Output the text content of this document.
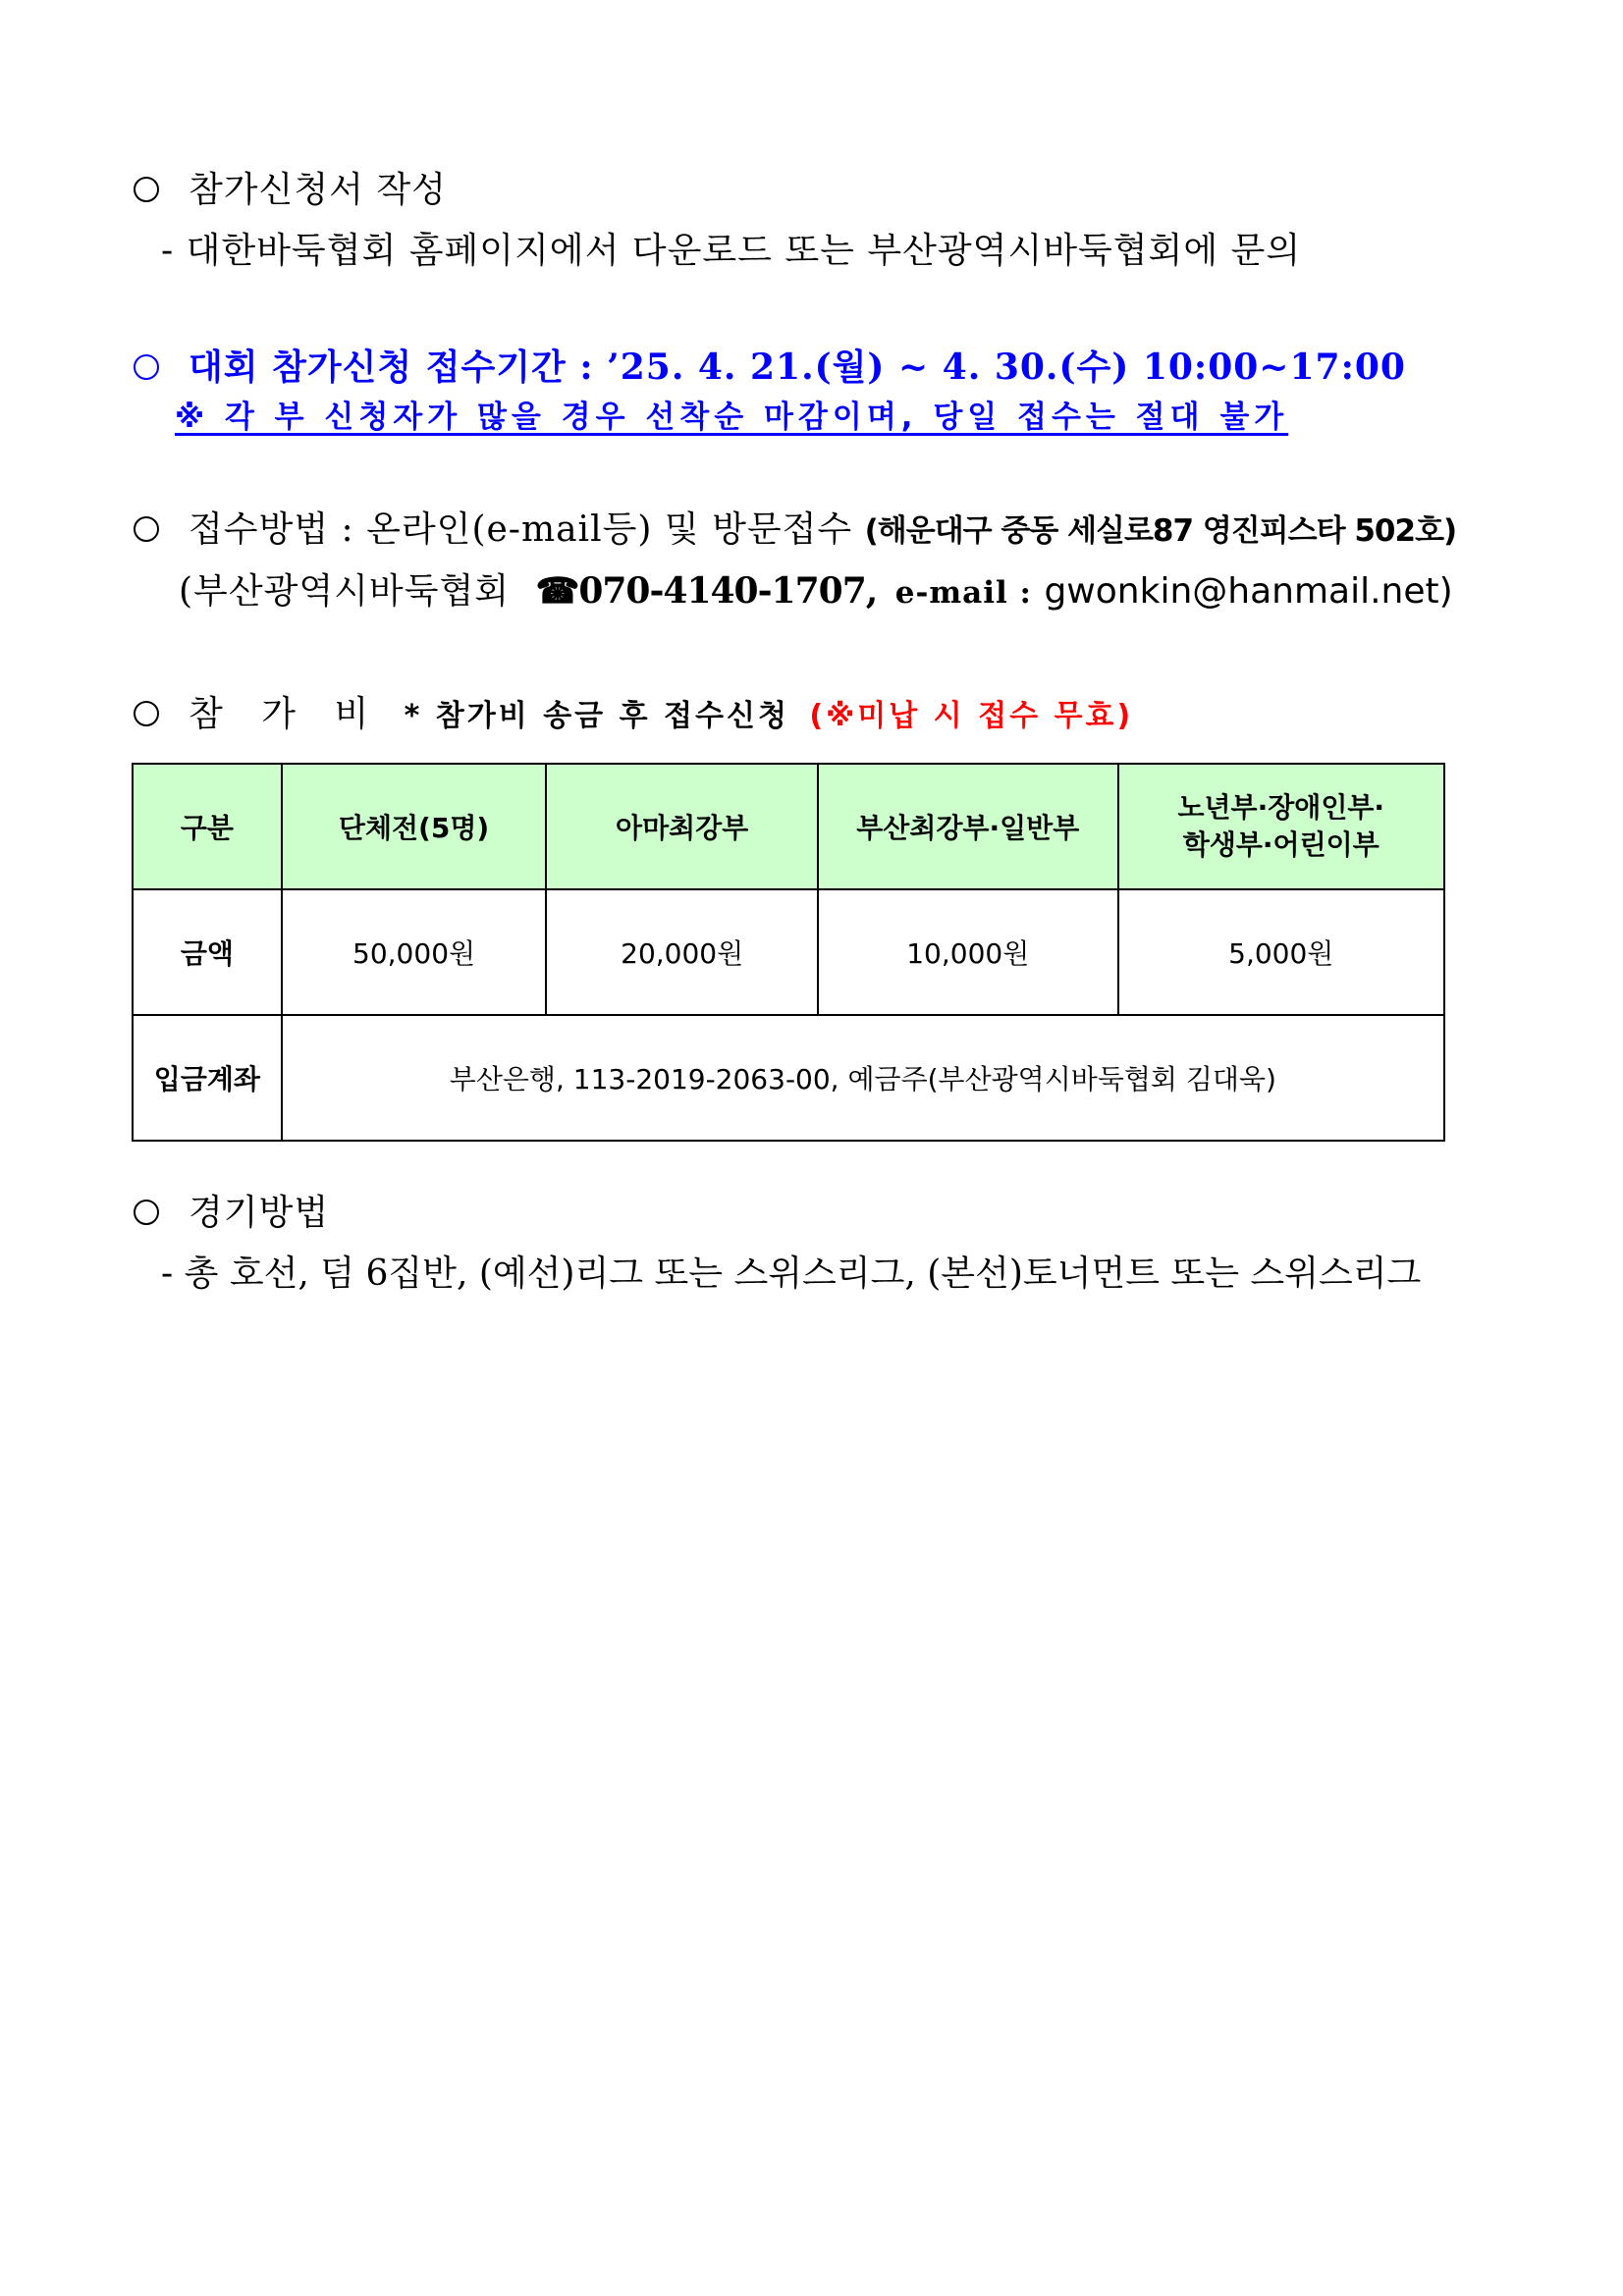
참가신청서 작성
- 대한바둑협회 홈페이지에서 다운로드 또는 부산광역시바둑협회에 문의
대회 참가신청 접수기간 : ’25. 4. 21.(월) ~ 4. 30.(수) 10:00~17:00
※ 각 부 신청자가 많을 경우 선착순 마감이며, 당일 접수는 절대 불가
접수방법 : 온라인(e-mail등) 및 방문접수 (해운대구 중동 세실로87 영진피스타 502호)
(부산광역시바둑협회 ☎070-4140-1707, e-mail : gwonkin@hanmail.net)
참 가 비 * 참가비 송금 후 접수신청 (※미납 시 접수 무효)
구분	단체전(5명)	아마최강부	부산최강부·일반부	노년부·장애인부·
학생부·어린이부
금액	50,000원	20,000원	10,000원	5,000원
입금계좌	부산은행, 113-2019-2063-00, 예금주(부산광역시바둑협회 김대욱)			
경기방법
- 총 호선, 덤 6집반, (예선)리그 또는 스위스리그, (본선)토너먼트 또는 스위스리그
